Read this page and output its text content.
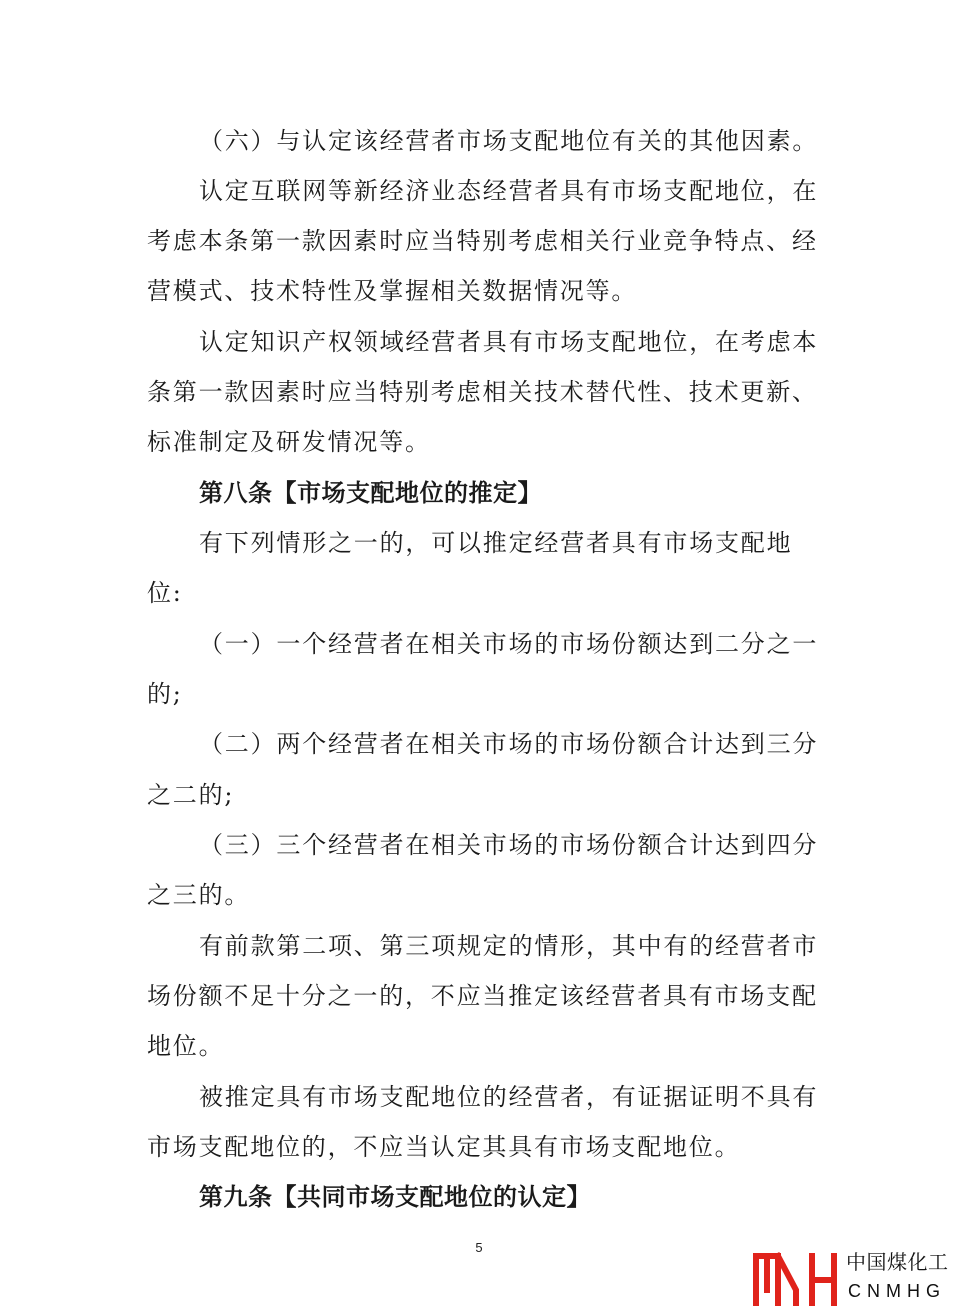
（六）与认定该经营者市场支配地位有关的其他因素。
认定互联网等新经济业态经营者具有市场支配地位，在
考虑本条第一款因素时应当特别考虑相关行业竞争特点、经
营模式、技术特性及掌握相关数据情况等。
认定知识产权领域经营者具有市场支配地位，在考虑本
条第一款因素时应当特别考虑相关技术替代性、技术更新、
标准制定及研发情况等。
第八条【市场支配地位的推定】
有下列情形之一的，可以推定经营者具有市场支配地
位:
（一）一个经营者在相关市场的市场份额达到二分之一
的;
（二）两个经营者在相关市场的市场份额合计达到三分
之二的;
（三）三个经营者在相关市场的市场份额合计达到四分
之三的。
有前款第二项、第三项规定的情形，其中有的经营者市
场份额不足十分之一的，不应当推定该经营者具有市场支配
地位。
被推定具有市场支配地位的经营者，有证据证明不具有
市场支配地位的，不应当认定其具有市场支配地位。
第九条【共同市场支配地位的认定】
5
中国煤化工
CNMHG
